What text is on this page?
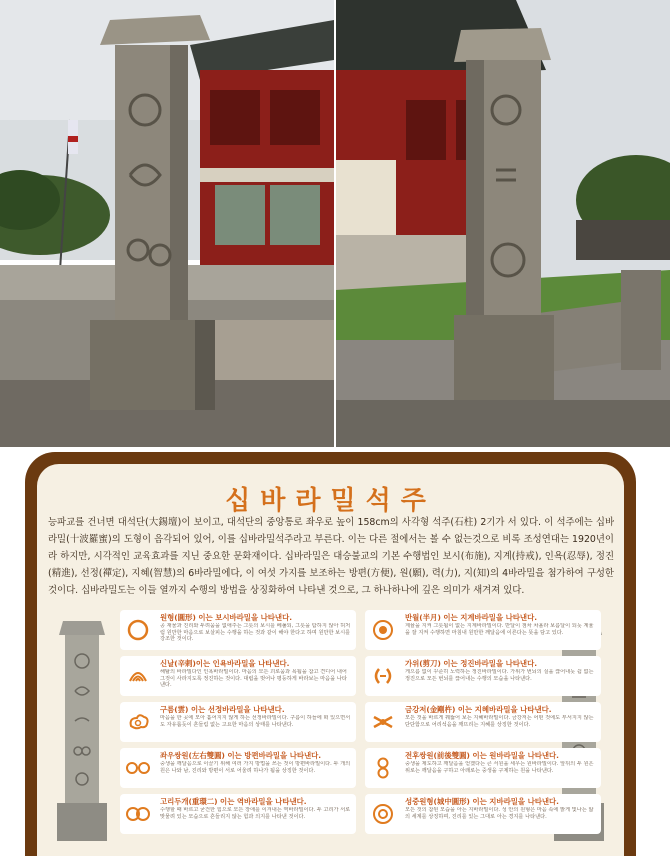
십바라밀석주
능파교를 건너면 대석단(大錫壇)이 보이고, 대석단의 중앙통로 좌우로 높이 158cm의 사각형 석주(石柱) 2기가 서 있다. 이 석주에는 십바라밀(十波羅蜜)의 도형이 음각되어 있어, 이를 십바라밀석주라고 부른다. 이는 다른 절에서는 볼 수 없는것으로 비록 조성연대는 1920년이라 하지만, 시각적인 교육효과를 지닌 중요한 문화재이다. 십바라밀은 대승불교의 기본 수행법인 보시(布施), 지계(持戒), 인욕(忍辱), 정진(精進), 선정(禪定), 지혜(智慧)의 6바라밀에다, 이 여섯 가지를 보조하는 방편(方便), 원(願), 력(力), 지(知)의 4바라밀을 첨가하여 구성한 것이다. 십바라밀도는 이들 열까지 수행의 방법을 상징화하여 나타낸 것으로, 그 하나하나에 깊은 의미가 새겨져 있다.
원형(圓形) 이는 보시바라밀을 나타낸다.
공 재물과 진리와 두려움을 없애주는 그릇의 보시를 베풀되, 그릇을 탐하지 않아 허처럼 원만한 마음으로 보살피는 수행을 하는 것과 같이 해야 한다고 하며 원만한 보시를 강조한 것이다.
신날(辛剌)이는 인욕바라밀을 나타낸다.
해탈의 바라밀다인 인욕바라밀이다. 마음의 모든 괴로움과 욕됨을 참고 견디어 내어 그것이 사라지도록 정진하는 것이다. 대립을 벗어나 평등하게 바라보는 마음을 나타낸다.
구름(雲) 이는 선정바라밀을 나타낸다.
마음을 한 곳에 모아 흩어지지 않게 하는 선정바라밀이다. 구름이 하늘에 떠 있으면서도 자유롭듯이 흔들림 없는 고요한 마음의 상태를 나타낸다.
좌우쌍원(左右雙圓) 이는 방편바라밀을 나타낸다.
중생을 깨달음으로 이끌기 위해 여러 가지 방법을 쓰는 것이 방편바라밀이다. 두 개의 원은 나와 남, 진리와 방편이 서로 어울려 하나가 됨을 상징한 것이다.
고리두개(重環二) 이는 역바라밀을 나타낸다.
수행할 때 바르고 굳건한 힘으로 모든 장애를 이겨내는 역바라밀이다. 두 고리가 서로 맞물려 있는 모습으로 흔들리지 않는 힘과 의지를 나타낸 것이다.
반월(半月) 이는 지계바라밀을 나타낸다.
계율을 지켜 그릇됨이 없는 지계바라밀이다. 반달이 점차 차올라 보름달이 되듯 계율을 잘 지켜 수행하면 마침내 원만한 깨달음에 이른다는 뜻을 담고 있다.
가위(剪刀) 이는 정진바라밀을 나타낸다.
게으름 없이 꾸준히 노력하는 정진바라밀이다. 가위가 번뇌의 실을 끊어내듯 쉼 없는 정진으로 모든 번뇌를 끊어내는 수행의 모습을 나타낸다.
금강저(金剛杵) 이는 지혜바라밀을 나타낸다.
모든 것을 바르게 꿰뚫어 보는 지혜바라밀이다. 금강저는 어떤 것에도 부서지지 않는 단단함으로 어리석음을 깨뜨리는 지혜를 상징한 것이다.
전후쌍원(前後雙圓) 이는 원바라밀을 나타낸다.
중생을 제도하고 깨달음을 얻겠다는 큰 서원을 세우는 원바라밀이다. 앞뒤의 두 원은 위로는 깨달음을 구하고 아래로는 중생을 구제하는 원을 나타낸다.
성중원형(城中圓形) 이는 지바라밀을 나타낸다.
모든 것의 참된 모습을 아는 지바라밀이다. 성 안의 원형은 마음 속에 밝게 빛나는 앎의 세계를 상징하며, 진리를 있는 그대로 아는 경지를 나타낸다.
